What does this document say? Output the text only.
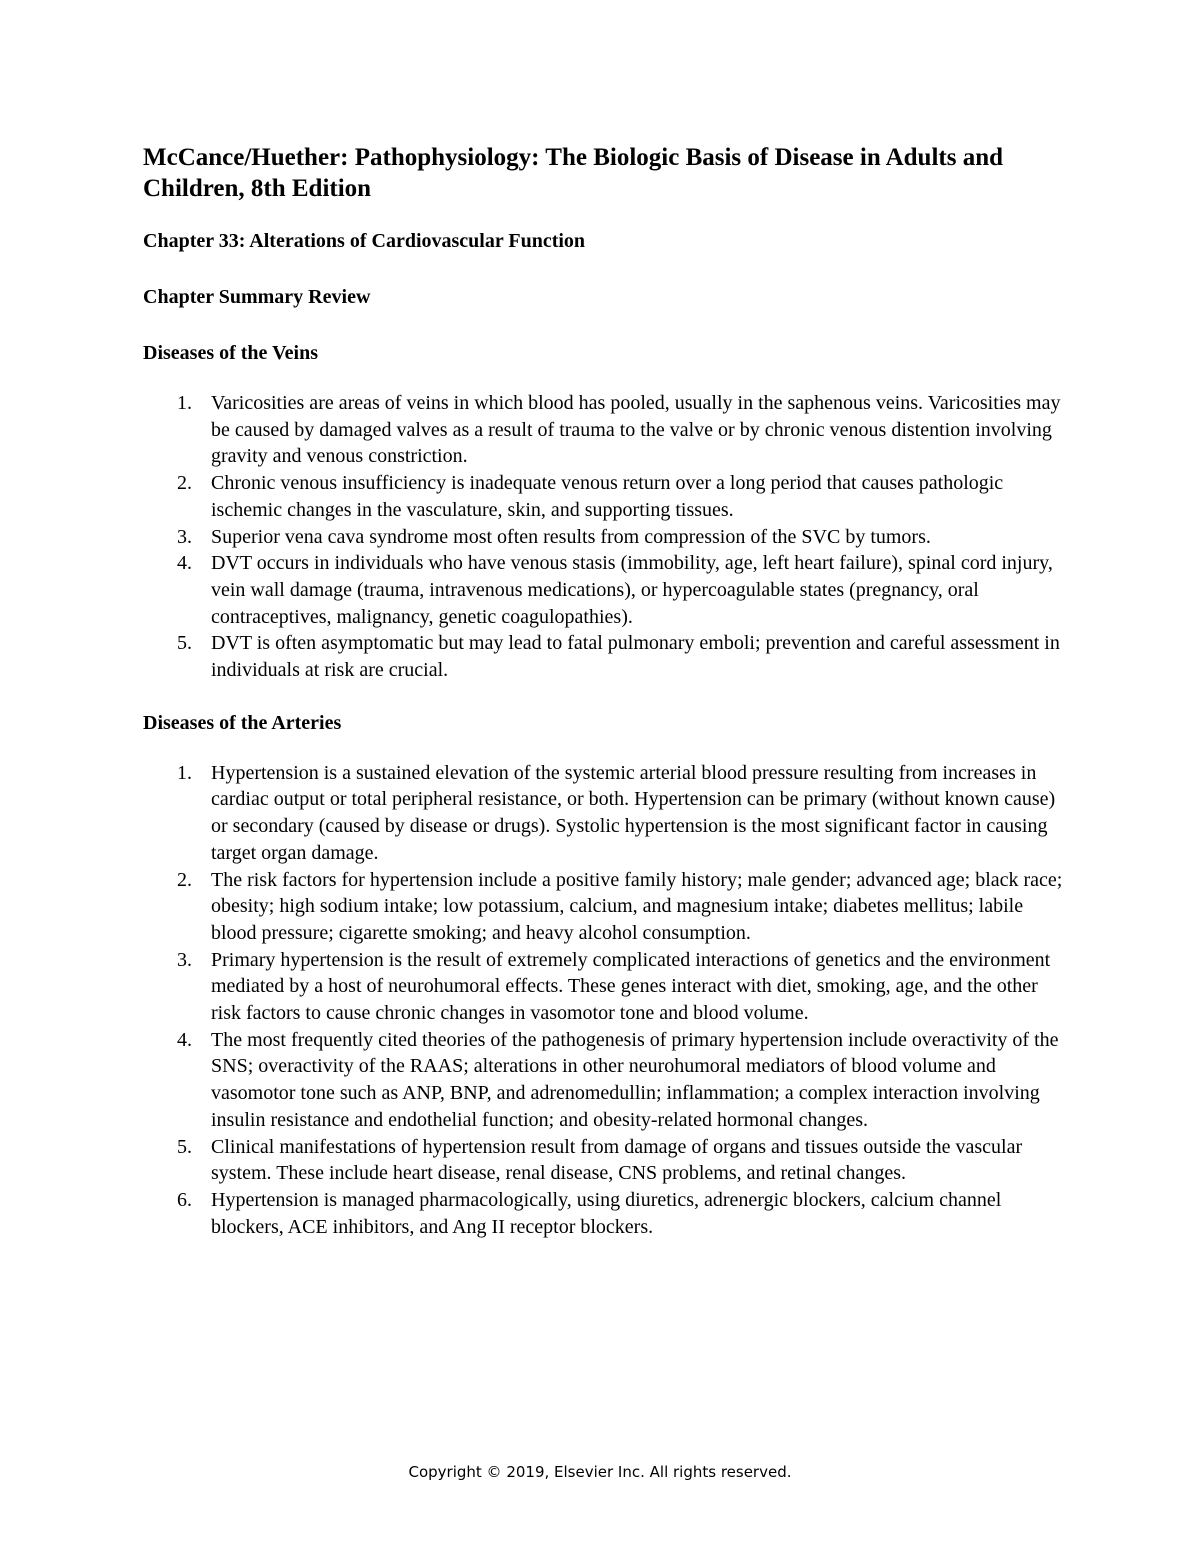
McCance/Huether: Pathophysiology: The Biologic Basis of Disease in Adults and Children, 8th Edition
Chapter 33: Alterations of Cardiovascular Function
Chapter Summary Review
Diseases of the Veins
1. Varicosities are areas of veins in which blood has pooled, usually in the saphenous veins. Varicosities may be caused by damaged valves as a result of trauma to the valve or by chronic venous distention involving gravity and venous constriction.
2. Chronic venous insufficiency is inadequate venous return over a long period that causes pathologic ischemic changes in the vasculature, skin, and supporting tissues.
3. Superior vena cava syndrome most often results from compression of the SVC by tumors.
4. DVT occurs in individuals who have venous stasis (immobility, age, left heart failure), spinal cord injury, vein wall damage (trauma, intravenous medications), or hypercoagulable states (pregnancy, oral contraceptives, malignancy, genetic coagulopathies).
5. DVT is often asymptomatic but may lead to fatal pulmonary emboli; prevention and careful assessment in individuals at risk are crucial.
Diseases of the Arteries
1. Hypertension is a sustained elevation of the systemic arterial blood pressure resulting from increases in cardiac output or total peripheral resistance, or both. Hypertension can be primary (without known cause) or secondary (caused by disease or drugs). Systolic hypertension is the most significant factor in causing target organ damage.
2. The risk factors for hypertension include a positive family history; male gender; advanced age; black race; obesity; high sodium intake; low potassium, calcium, and magnesium intake; diabetes mellitus; labile blood pressure; cigarette smoking; and heavy alcohol consumption.
3. Primary hypertension is the result of extremely complicated interactions of genetics and the environment mediated by a host of neurohumoral effects. These genes interact with diet, smoking, age, and the other risk factors to cause chronic changes in vasomotor tone and blood volume.
4. The most frequently cited theories of the pathogenesis of primary hypertension include overactivity of the SNS; overactivity of the RAAS; alterations in other neurohumoral mediators of blood volume and vasomotor tone such as ANP, BNP, and adrenomedullin; inflammation; a complex interaction involving insulin resistance and endothelial function; and obesity-related hormonal changes.
5. Clinical manifestations of hypertension result from damage of organs and tissues outside the vascular system. These include heart disease, renal disease, CNS problems, and retinal changes.
6. Hypertension is managed pharmacologically, using diuretics, adrenergic blockers, calcium channel blockers, ACE inhibitors, and Ang II receptor blockers.
Copyright © 2019, Elsevier Inc. All rights reserved.
